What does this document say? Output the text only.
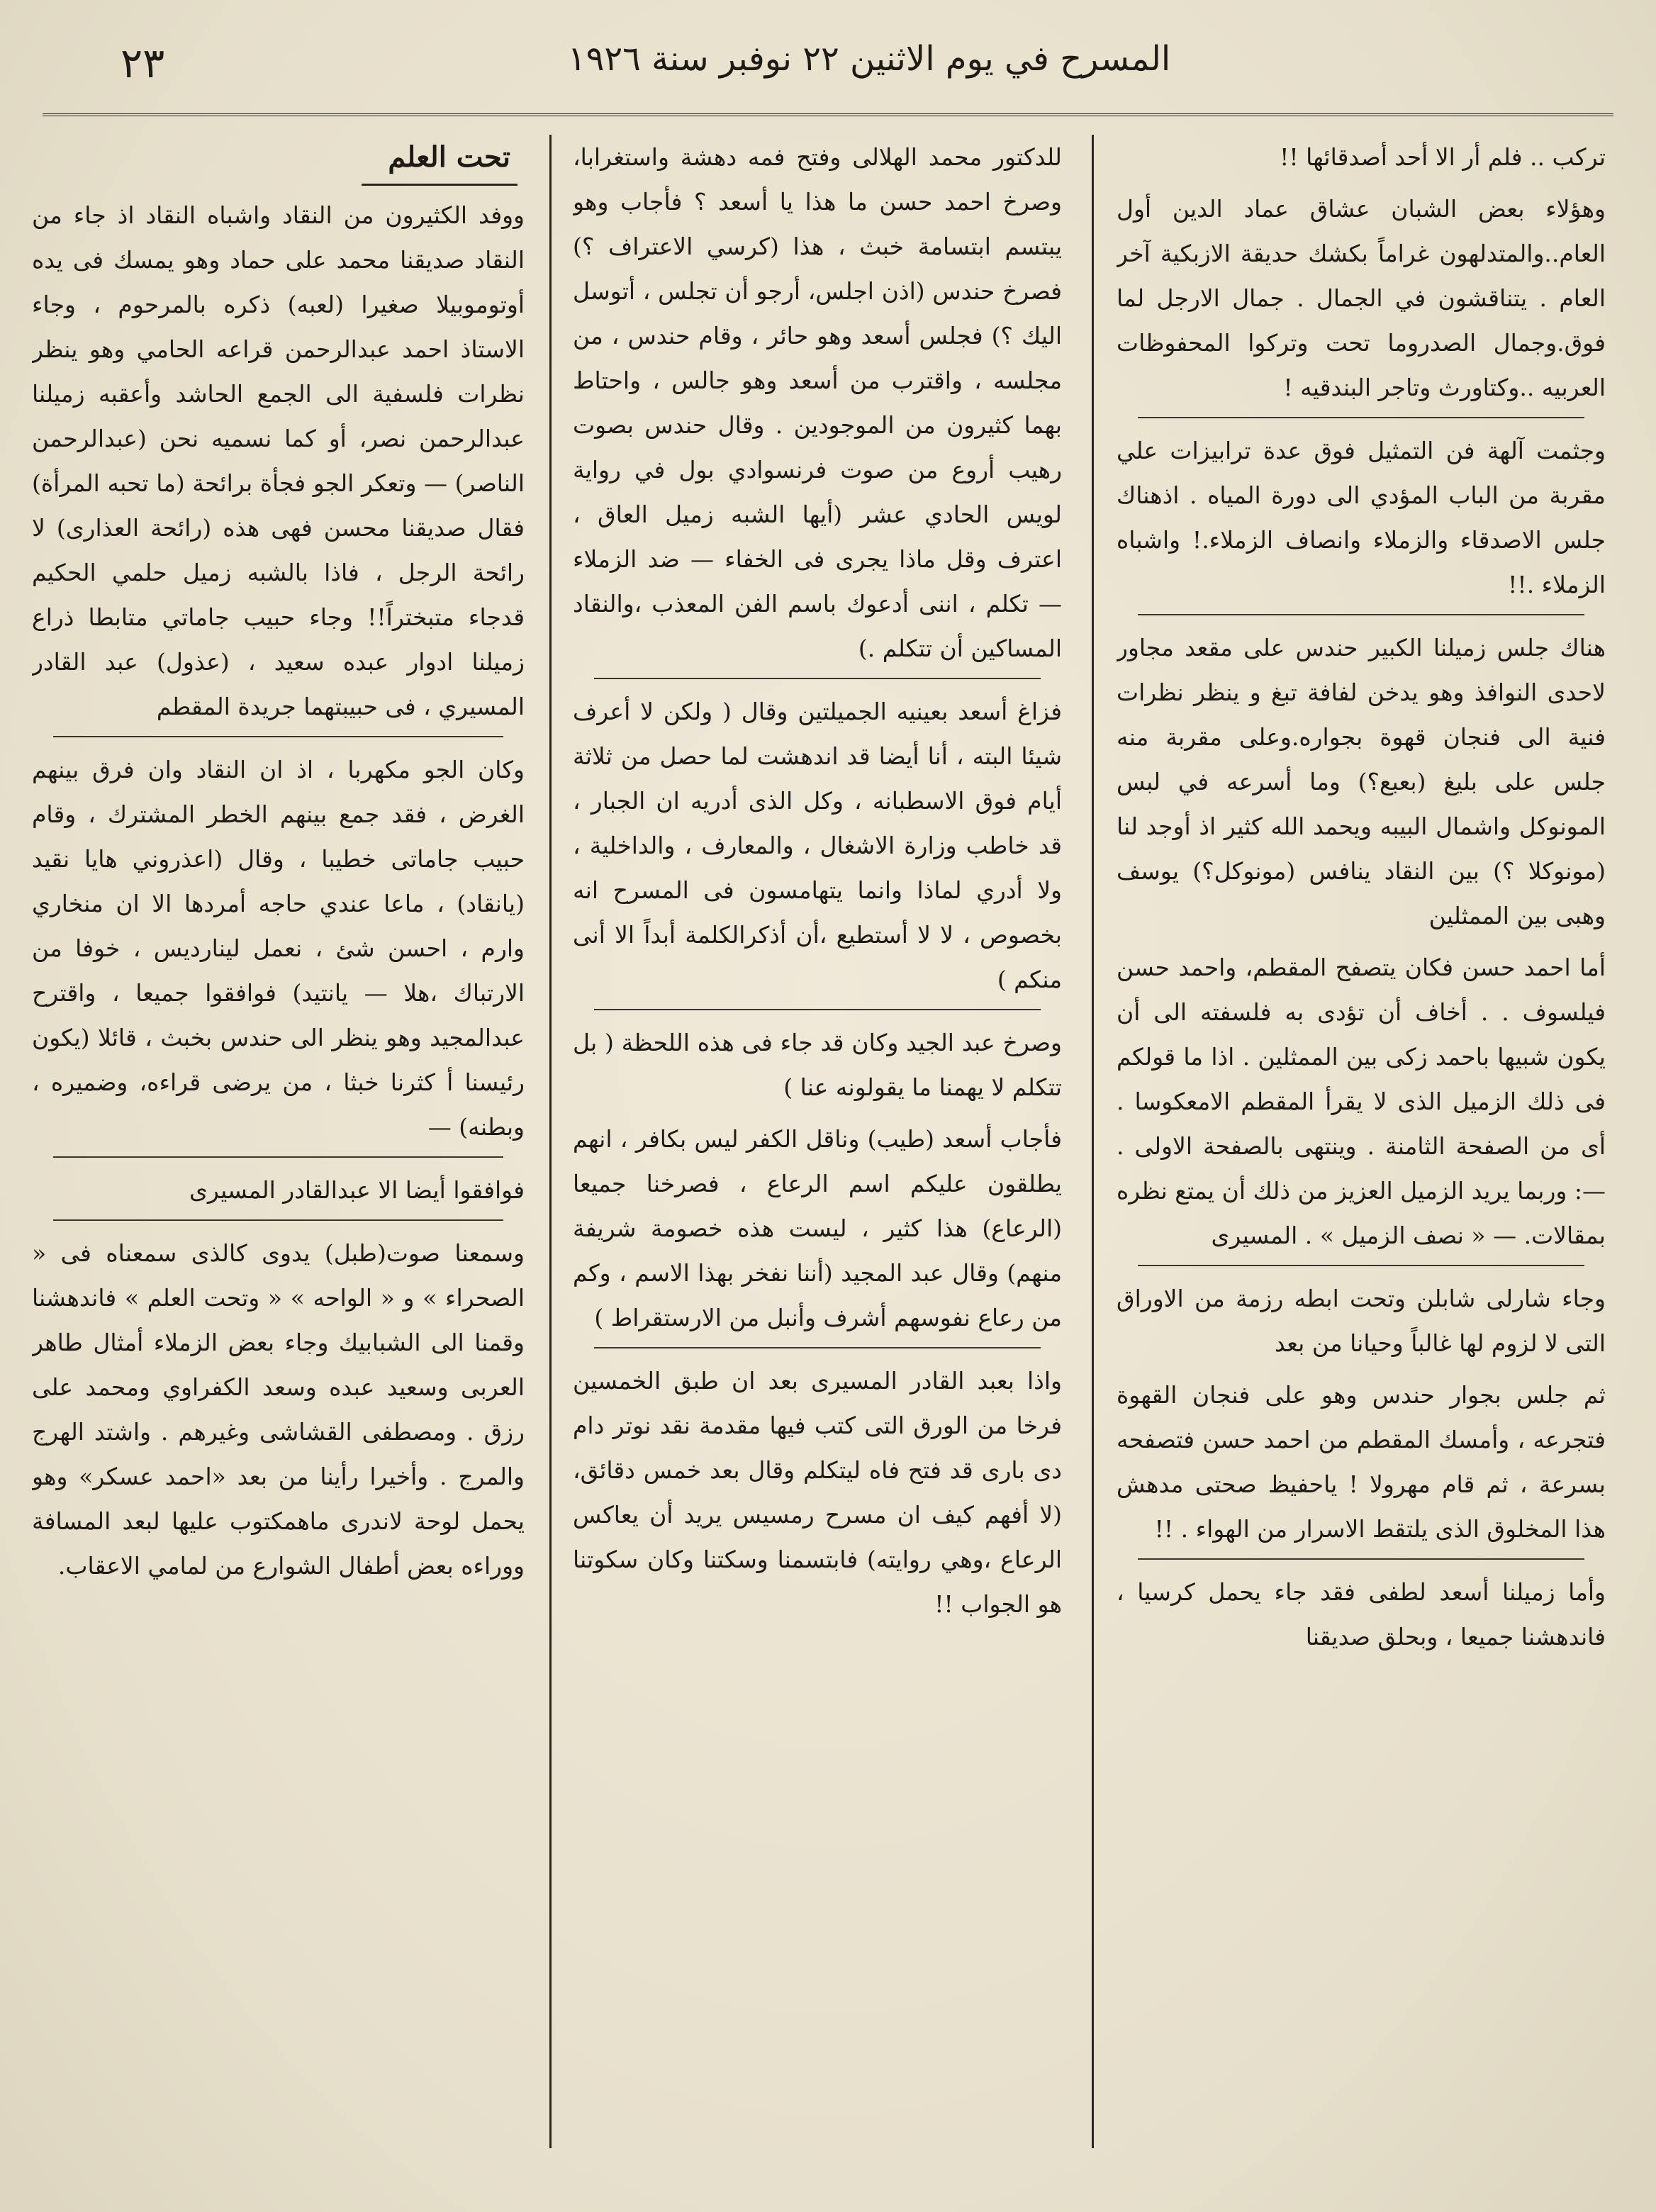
المسرح في يوم الاثنين ٢٢ نوفبر سنة ١٩٢٦
٢٣

تركب .. فلم أر الا أحد أصدقائها !!

وهؤلاء بعض الشبان عشاق عماد الدين أول العام..والمتدلهون غراماً بكشك حديقة الازبكية آخر العام . يتناقشون في الجمال . جمال الارجل لما فوق.وجمال الصدروما تحت وتركوا المحفوظات العربيه ..وكتاورث وتاجر البندقيه !

وجثمت آلهة فن التمثيل فوق عدة ترابيزات علي مقربة من الباب المؤدي الى دورة المياه . اذهناك جلس الاصدقاء والزملاء وانصاف الزملاء.! واشباه الزملاء .!!

هناك جلس زميلنا الكبير حندس على مقعد مجاور لاحدى النوافذ وهو يدخن لفافة تبغ و ينظر نظرات فنية الى فنجان قهوة بجواره.وعلى مقربة منه جلس على بليغ (بعبع؟) وما أسرعه في لبس المونوكل واشمال البيبه ويحمد الله كثير اذ أوجد لنا (مونوكلا ؟) بين النقاد ينافس (مونوكل؟) يوسف وهبى بين الممثلين

أما احمد حسن فكان يتصفح المقطم، واحمد حسن فيلسوف . . أخاف أن تؤدى به فلسفته الى أن يكون شبيها باحمد زكى بين الممثلين . اذا ما قولكم فى ذلك الزميل الذى لا يقرأ المقطم الامعكوسا . أى من الصفحة الثامنة . وينتهى بالصفحة الاولى .—: وربما يريد الزميل العزيز من ذلك أن يمتع نظره بمقالات. — « نصف الزميل » . المسيرى

وجاء شارلى شابلن وتحت ابطه رزمة من الاوراق التى لا لزوم لها غالباً وحيانا من بعد

ثم جلس بجوار حندس وهو على فنجان القهوة فتجرعه ، وأمسك المقطم من احمد حسن فتصفحه بسرعة ، ثم قام مهرولا ! ياحفيظ صحتى مدهش هذا المخلوق الذى يلتقط الاسرار من الهواء . !!

وأما زميلنا أسعد لطفى فقد جاء يحمل كرسيا ، فاندهشنا جميعا ، وبحلق صديقنا

للدكتور محمد الهلالى وفتح فمه دهشة واستغرابا، وصرخ احمد حسن ما هذا يا أسعد ؟ فأجاب وهو يبتسم ابتسامة خبث ، هذا (كرسي الاعتراف ؟) فصرخ حندس (اذن اجلس، أرجو أن تجلس ، أتوسل اليك ؟) فجلس أسعد وهو حائر ، وقام حندس ، من مجلسه ، واقترب من أسعد وهو جالس ، واحتاط بهما كثيرون من الموجودين . وقال حندس بصوت رهيب أروع من صوت فرنسوادي بول في رواية لويس الحادي عشر (أيها الشبه زميل العاق ، اعترف وقل ماذا يجرى فى الخفاء — ضد الزملاء — تكلم ، اننى أدعوك باسم الفن المعذب ،والنقاد المساكين أن تتكلم .)

فزاغ أسعد بعينيه الجميلتين وقال ( ولكن لا أعرف شيئا البته ، أنا أيضا قد اندهشت لما حصل من ثلاثة أيام فوق الاسطبانه ، وكل الذى أدريه ان الجبار ، قد خاطب وزارة الاشغال ، والمعارف ، والداخلية ، ولا أدري لماذا وانما يتهامسون فى المسرح انه بخصوص ، لا لا أستطيع ،أن أذكرالكلمة أبداً الا أنى منكم )

وصرخ عبد الجيد وكان قد جاء فى هذه اللحظة ( بل تتكلم لا يهمنا ما يقولونه عنا )

فأجاب أسعد (طيب) وناقل الكفر ليس بكافر ، انهم يطلقون عليكم اسم الرعاع ، فصرخنا جميعا (الرعاع) هذا كثير ، ليست هذه خصومة شريفة منهم) وقال عبد المجيد (أننا نفخر بهذا الاسم ، وكم من رعاع نفوسهم أشرف وأنبل من الارستقراط )

واذا بعبد القادر المسيرى بعد ان طبق الخمسين فرخا من الورق التى كتب فيها مقدمة نقد نوتر دام دى بارى قد فتح فاه ليتكلم وقال بعد خمس دقائق، (لا أفهم كيف ان مسرح رمسيس يريد أن يعاكس الرعاع ،وهي روايته) فابتسمنا وسكتنا وكان سكوتنا هو الجواب !!

تحت العلم

ووفد الكثيرون من النقاد واشباه النقاد اذ جاء من النقاد صديقنا محمد على حماد وهو يمسك فى يده أوتوموبيلا صغيرا (لعبه) ذكره بالمرحوم ، وجاء الاستاذ احمد عبدالرحمن قراعه الحامي وهو ينظر نظرات فلسفية الى الجمع الحاشد وأعقبه زميلنا عبدالرحمن نصر، أو كما نسميه نحن (عبدالرحمن الناصر) — وتعكر الجو فجأة برائحة (ما تحبه المرأة) فقال صديقنا محسن فهى هذه (رائحة العذارى) لا رائحة الرجل ، فاذا بالشبه زميل حلمي الحكيم قدجاء متبختراً!! وجاء حبيب جاماتي متابطا ذراع زميلنا ادوار عبده سعيد ، (عذول) عبد القادر المسيري ، فى حبيبتهما جريدة المقطم

وكان الجو مكهربا ، اذ ان النقاد وان فرق بينهم الغرض ، فقد جمع بينهم الخطر المشترك ، وقام حبيب جاماتى خطيبا ، وقال (اعذروني هايا نقيد (يانقاد) ، ماعا عندي حاجه أمردها الا ان منخاري وارم ، احسن شئ ، نعمل لينارديس ، خوفا من الارتباك ،هلا — يانتيد) فوافقوا جميعا ، واقترح عبدالمجيد وهو ينظر الى حندس بخبث ، قائلا (يكون رئيسنا أ كثرنا خبثا ، من يرضى قراءه، وضميره ، وبطنه) —

فوافقوا أيضا الا عبدالقادر المسيرى

وسمعنا صوت(طبل) يدوى كالذى سمعناه فى « الصحراء » و « الواحه » « وتحت العلم » فاندهشنا وقمنا الى الشبابيك وجاء بعض الزملاء أمثال طاهر العربى وسعيد عبده وسعد الكفراوي ومحمد على رزق . ومصطفى القشاشى وغيرهم . واشتد الهرج والمرج . وأخيرا رأينا من بعد «احمد عسكر» وهو يحمل لوحة لاندرى ماهمكتوب عليها لبعد المسافة ووراءه بعض أطفال الشوارع من لمامي الاعقاب.
